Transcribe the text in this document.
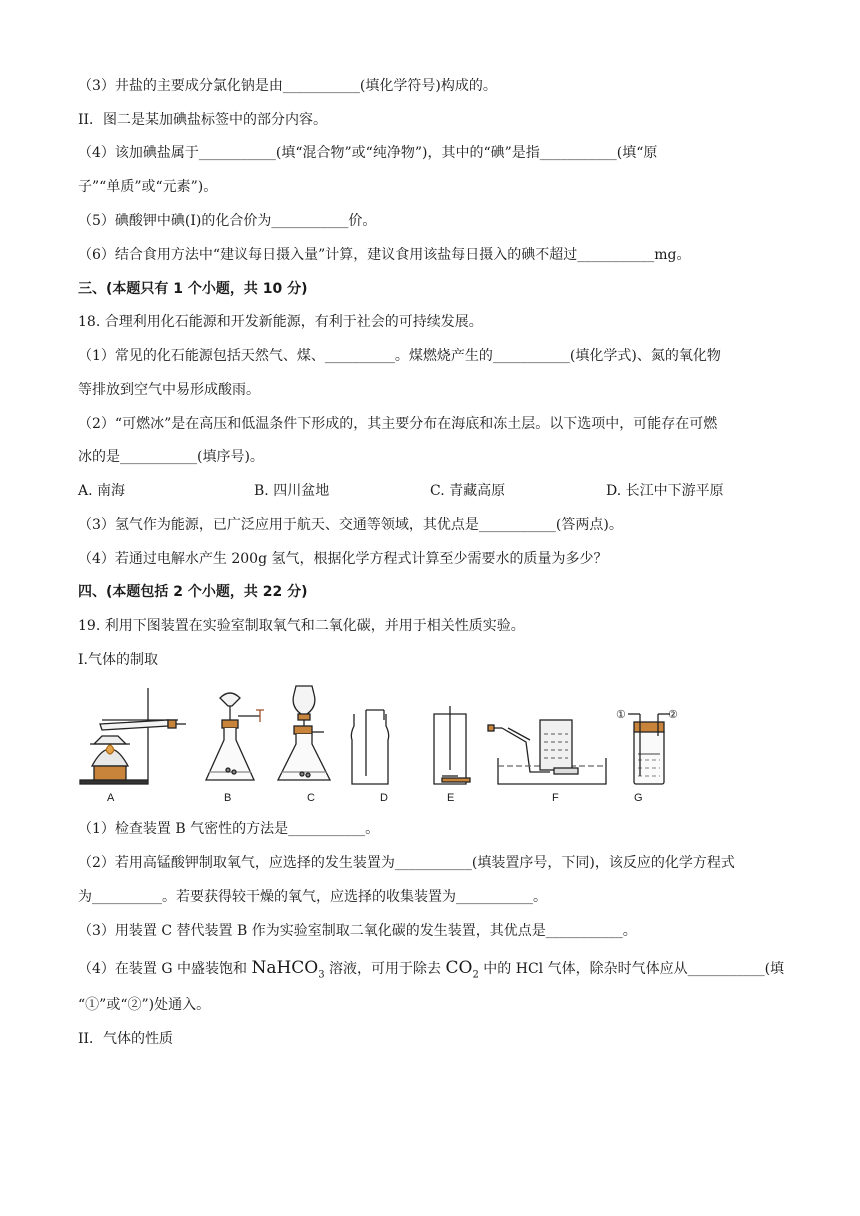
（3）井盐的主要成分氯化钠是由___________(填化学符号)构成的。
II．图二是某加碘盐标签中的部分内容。
（4）该加碘盐属于___________(填“混合物”或“纯净物”)，其中的“碘”是指___________(填“原
子”“单质”或“元素”)。
（5）碘酸钾中碘(I)的化合价为___________价。
（6）结合食用方法中“建议每日摄入量”计算，建议食用该盐每日摄入的碘不超过___________mg。
三、(本题只有 1 个小题，共 10 分)
18. 合理利用化石能源和开发新能源，有利于社会的可持续发展。
（1）常见的化石能源包括天然气、煤、__________。煤燃烧产生的___________(填化学式)、氮的氧化物
等排放到空气中易形成酸雨。
（2）“可燃冰”是在高压和低温条件下形成的，其主要分布在海底和冻土层。以下选项中，可能存在可燃
冰的是___________(填序号)。
A. 南海	B. 四川盆地	C. 青藏高原	D. 长江中下游平原
（3）氢气作为能源，已广泛应用于航天、交通等领域，其优点是___________(答两点)。
（4）若通过电解水产生 200g 氢气，根据化学方程式计算至少需要水的质量为多少？
四、(本题包括 2 个小题，共 22 分)
19. 利用下图装置在实验室制取氧气和二氧化碳，并用于相关性质实验。
Ⅰ.气体的制取
①	②
A	B	C	D	E	F	G
（1）检查装置 B 气密性的方法是___________。
（2）若用高锰酸钾制取氧气，应选择的发生装置为___________(填装置序号，下同)，该反应的化学方程式
为__________。若要获得较干燥的氧气，应选择的收集装置为___________。
（3）用装置 C 替代装置 B 作为实验室制取二氧化碳的发生装置，其优点是___________。
（4）在装置 G 中盛装饱和 NaHCO$_3$ 溶液，可用于除去 $CO_2$ 中的 HCl 气体，除杂时气体应从___________(填
“①”或“②”)处通入。
II．气体的性质
